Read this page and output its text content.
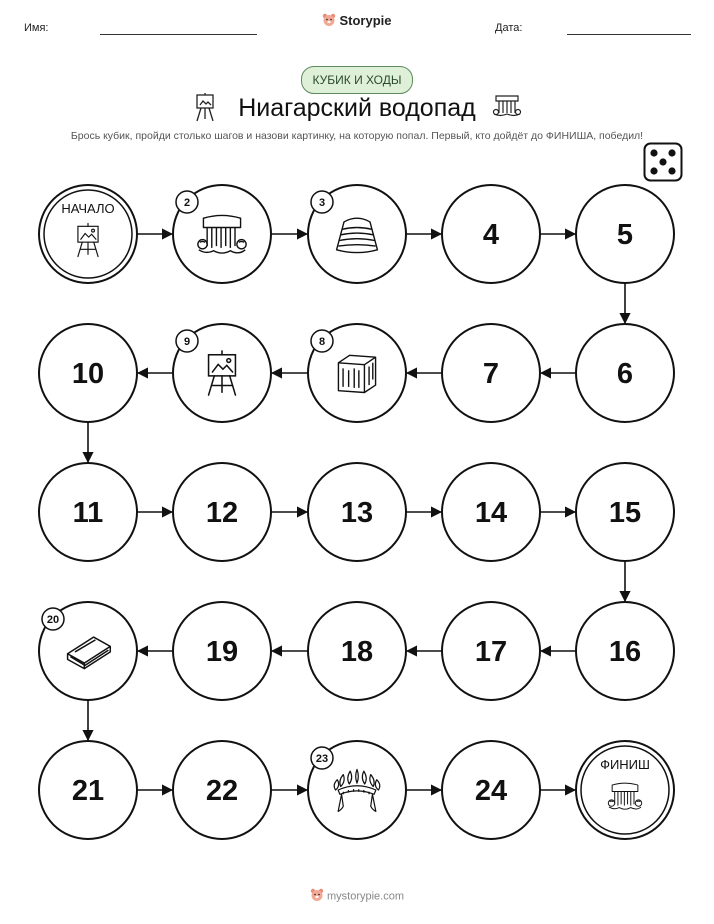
Имя:	Storypie	Дата:
КУБИК И ХОДЫ
Ниагарский водопад
Брось кубик, пройди столько шагов и назови картинку, на которую попал. Первый, кто дойдёт до ФИНИША, победил!
НАЧАЛО	2	3
4	5
6
7
8
9
10
11	12	13	14	15
16
17
18
19
20
21	22
23
24
ФИНИШ
mystorypie.com
